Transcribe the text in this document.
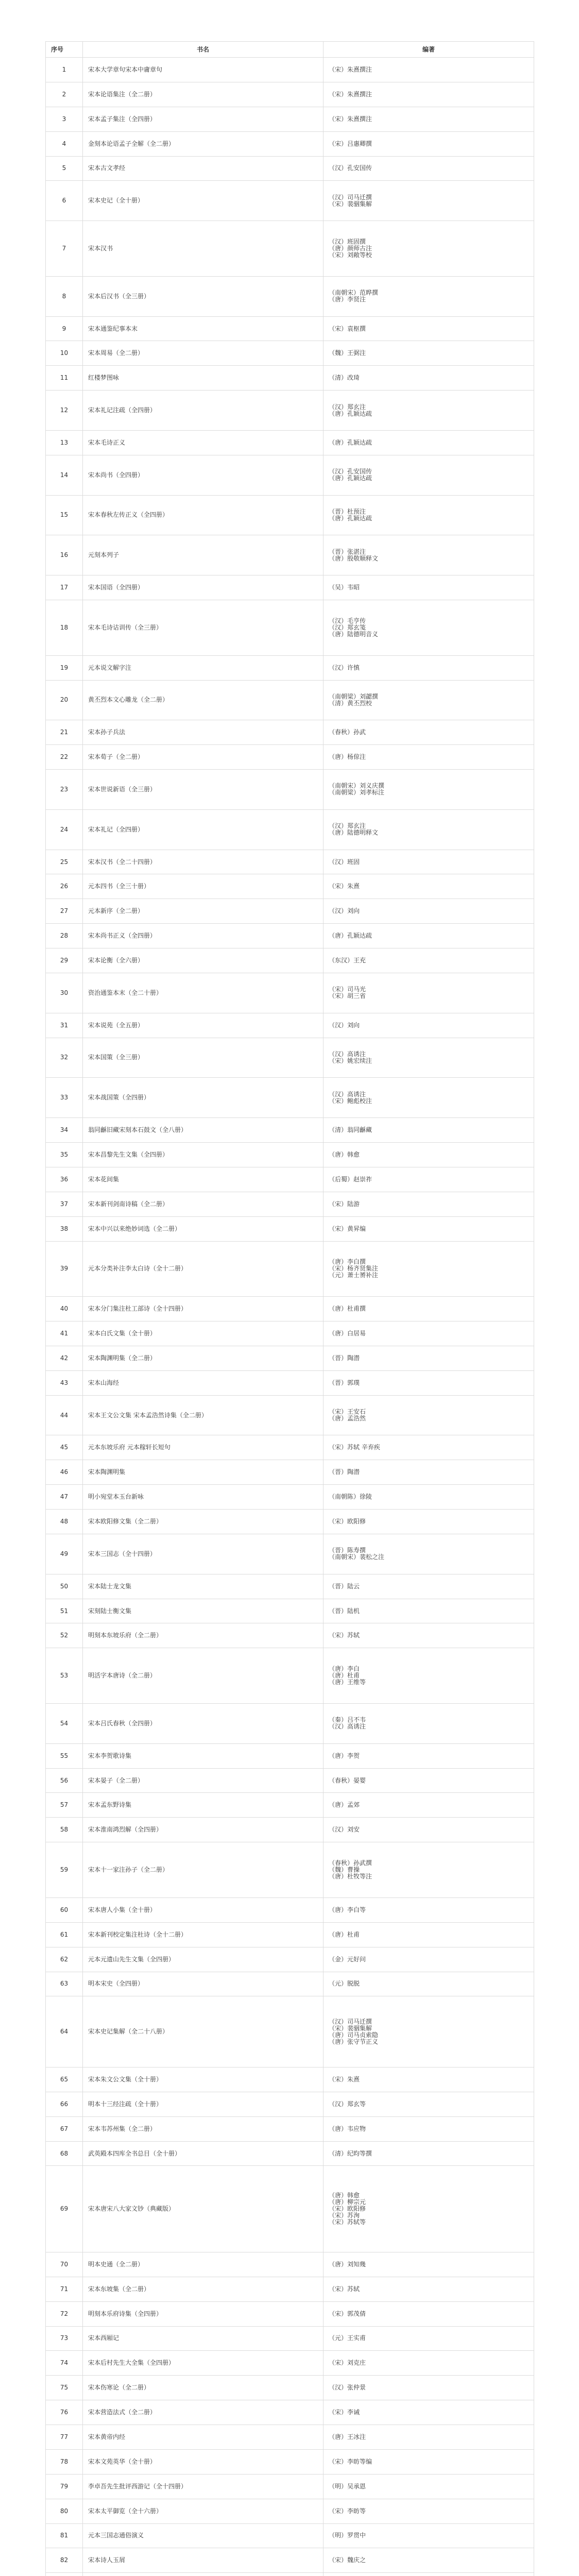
序号	书名	编著
1	宋本大学章句宋本中庸章句	（宋）朱熹撰注

2	宋本论语集注（全二册）	（宋）朱熹撰注

3	宋本孟子集注（全四册）	（宋）朱熹撰注

4	金刻本论语孟子全解（全二册）	（宋）吕惠卿撰

5	宋本古文孝经	（汉）孔安国传

6	宋本史记（全十册）	（汉）司马迁撰
（宋）裴骃集解

7	宋本汉书	（汉）班固撰
（唐）颜师古注
（宋）刘敞等校

8	宋本后汉书（全三册）	（南朝宋）范晔撰
（唐）李贤注

9	宋本通鉴纪事本末	（宋）袁枢撰

10	宋本周易（全二册）	（魏）王弼注

11	红楼梦图咏	（清）改琦

12	宋本礼记注疏（全四册）	（汉）郑玄注
（唐）孔颖达疏

13	宋本毛诗正义	（唐）孔颖达疏

14	宋本尚书（全四册）	（汉）孔安国传
（唐）孔颖达疏

15	宋本春秋左传正义（全四册）	（晋）杜预注
（唐）孔颖达疏

16	元刻本列子	（晋）张湛注
（唐）殷敬顺释文

17	宋本国语（全四册）	（吴）韦昭

18	宋本毛诗诂训传（全三册）	（汉）毛亨传
（汉）郑玄笺
（唐）陆德明音义

19	元本说文解字注	（汉）许慎

20	黄丕烈本文心雕龙（全二册）	（南朝梁）刘勰撰
（清）黄丕烈校

21	宋本孙子兵法	（春秋）孙武

22	宋本荀子（全二册）	（唐）杨倞注

23	宋本世说新语（全三册）	（南朝宋）刘义庆撰
（南朝梁）刘孝标注

24	宋本礼记（全四册）	（汉）郑玄注
（唐）陆德明释文

25	宋本汉书（全二十四册）	（汉）班固

26	元本四书（全三十册）	（宋）朱熹

27	元本新序（全二册）	（汉）刘向

28	宋本尚书正义（全四册）	（唐）孔颖达疏

29	宋本论衡（全六册）	（东汉）王充

30	资治通鉴本末（全二十册）	（宋）司马光
（宋）胡三省

31	宋本说苑（全五册）	（汉）刘向

32	宋本国策（全三册）	（汉）高诱注
（宋）姚宏续注

33	宋本战国策（全四册）	（汉）高诱注
（宋）鲍彪校注

34	翁同龢旧藏宋刻本石鼓文（全八册）	（清）翁同龢藏

35	宋本昌黎先生文集（全四册）	（唐）韩愈

36	宋本花间集	（后蜀）赵崇祚

37	宋本新刊剑南诗稿（全二册）	（宋）陆游

38	宋本中兴以来绝妙词选（全二册）	（宋）黄昇编

39	元本分类补注李太白诗（全十二册）	（唐）李白撰
（宋）杨齐贤集注
（元）萧士赟补注

40	宋本分门集注杜工部诗（全十四册）	（唐）杜甫撰

41	宋本白氏文集（全十册）	（唐）白居易

42	宋本陶渊明集（全二册）	（晋）陶潜

43	宋本山海经	（晋）郭璞

44	宋本王文公文集 宋本孟浩然诗集（全二册）	（宋）王安石
（唐）孟浩然

45	元本东坡乐府 元本稼轩长短句	（宋）苏轼 辛弃疾

46	宋本陶渊明集	（晋）陶潜

47	明小宛堂本玉台新咏	（南朝陈）徐陵

48	宋本欧阳修文集（全二册）	（宋）欧阳修

49	宋本三国志（全十四册）	（晋）陈寿撰
（南朝宋）裴松之注

50	宋本陆士龙文集	（晋）陆云

51	宋刻陆士衡文集	（晋）陆机

52	明刻本东坡乐府（全二册）	（宋）苏轼

53	明活字本唐诗（全二册）	（唐）李白
（唐）杜甫
（唐）王维等

54	宋本吕氏春秋（全四册）	（秦）吕不韦
（汉）高诱注

55	宋本李贺歌诗集	（唐）李贺

56	宋本晏子（全二册）	（春秋）晏婴

57	宋本孟东野诗集	（唐）孟郊

58	宋本淮南鸿烈解（全四册）	（汉）刘安

59	宋本十一家注孙子（全二册）	（春秋）孙武撰
（魏）曹操
（唐）杜牧等注

60	宋本唐人小集（全十册）	（唐）李白等

61	宋本新刊校定集注杜诗（全十二册）	（唐）杜甫

62	元本元遗山先生文集（全四册）	（金）元好问

63	明本宋史（全四册）	（元）脱脱

64	宋本史记集解（全二十八册）	（汉）司马迁撰
（宋）裴骃集解
（唐）司马贞索隐
（唐）张守节正义

65	宋本朱文公文集（全十册）	（宋）朱熹

66	明本十三经注疏（全十册）	（汉）郑玄等

67	宋本韦苏州集（全二册）	（唐）韦应物

68	武英殿本四库全书总目（全十册）	（清）纪昀等撰

69	宋本唐宋八大家文钞（典藏版）	（唐）韩愈
（唐）柳宗元
（宋）欧阳修
（宋）苏洵
（宋）苏轼等

70	明本史通（全二册）	（唐）刘知幾

71	宋本东坡集（全二册）	（宋）苏轼

72	明刻本乐府诗集（全四册）	（宋）郭茂倩

73	宋本西厢记	（元）王实甫

74	宋本后村先生大全集（全四册）	（宋）刘克庄

75	宋本伤寒论（全二册）	（汉）张仲景

76	宋本营造法式（全二册）	（宋）李诫

77	宋本黄帝内经	（唐）王冰注

78	宋本文苑英华（全十册）	（宋）李昉等编

79	李卓吾先生批评西游记（全十四册）	（明）吴承恩

80	宋本太平御览（全十六册）	（宋）李昉等

81	元本三国志通俗演义	（明）罗贯中

82	宋本诗人玉屑	（宋）魏庆之
